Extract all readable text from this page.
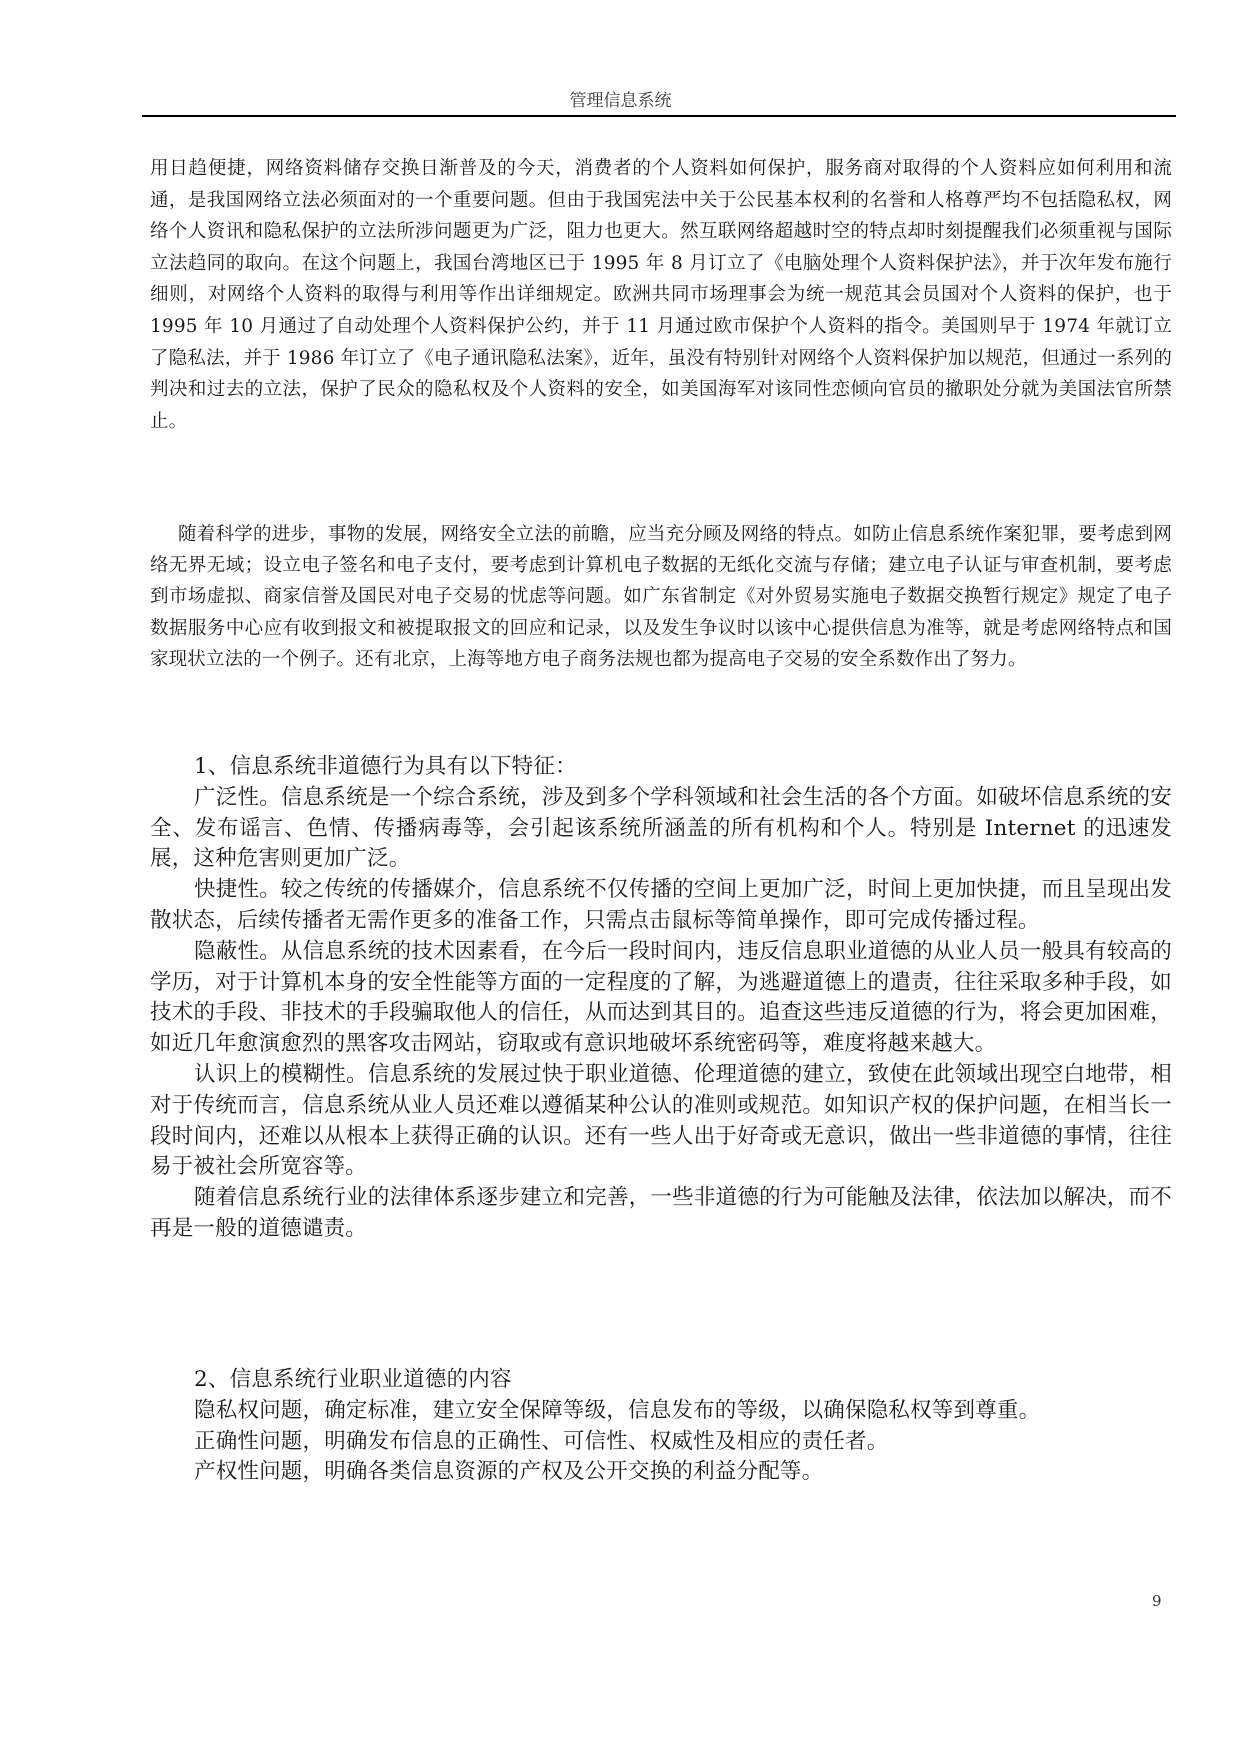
管理信息系统

用日趋便捷，网络资料储存交换日渐普及的今天，消费者的个人资料如何保护，服务商对取得的个人资料应如何利用和流通，是我国网络立法必须面对的一个重要问题。但由于我国宪法中关于公民基本权利的名誉和人格尊严均不包括隐私权，网络个人资讯和隐私保护的立法所涉问题更为广泛，阻力也更大。然互联网络超越时空的特点却时刻提醒我们必须重视与国际立法趋同的取向。在这个问题上，我国台湾地区已于 1995 年 8 月订立了《电脑处理个人资料保护法》，并于次年发布施行细则，对网络个人资料的取得与利用等作出详细规定。欧洲共同市场理事会为统一规范其会员国对个人资料的保护，也于 1995 年 10 月通过了自动处理个人资料保护公约，并于 11 月通过欧市保护个人资料的指令。美国则早于 1974 年就订立了隐私法，并于 1986 年订立了《电子通讯隐私法案》，近年，虽没有特别针对网络个人资料保护加以规范，但通过一系列的判决和过去的立法，保护了民众的隐私权及个人资料的安全，如美国海军对该同性恋倾向官员的撤职处分就为美国法官所禁止。

随着科学的进步，事物的发展，网络安全立法的前瞻，应当充分顾及网络的特点。如防止信息系统作案犯罪，要考虑到网络无界无域；设立电子签名和电子支付，要考虑到计算机电子数据的无纸化交流与存储；建立电子认证与审查机制，要考虑到市场虚拟、商家信誉及国民对电子交易的忧虑等问题。如广东省制定《对外贸易实施电子数据交换暂行规定》规定了电子数据服务中心应有收到报文和被提取报文的回应和记录，以及发生争议时以该中心提供信息为准等，就是考虑网络特点和国家现状立法的一个例子。还有北京，上海等地方电子商务法规也都为提高电子交易的安全系数作出了努力。

1、信息系统非道德行为具有以下特征：
广泛性。信息系统是一个综合系统，涉及到多个学科领域和社会生活的各个方面。如破坏信息系统的安全、发布谣言、色情、传播病毒等，会引起该系统所涵盖的所有机构和个人。特别是 Internet 的迅速发展，这种危害则更加广泛。
快捷性。较之传统的传播媒介，信息系统不仅传播的空间上更加广泛，时间上更加快捷，而且呈现出发散状态，后续传播者无需作更多的准备工作，只需点击鼠标等简单操作，即可完成传播过程。
隐蔽性。从信息系统的技术因素看，在今后一段时间内，违反信息职业道德的从业人员一般具有较高的学历，对于计算机本身的安全性能等方面的一定程度的了解，为逃避道德上的遣责，往往采取多种手段，如技术的手段、非技术的手段骗取他人的信任，从而达到其目的。追查这些违反道德的行为，将会更加困难，如近几年愈演愈烈的黑客攻击网站，窃取或有意识地破坏系统密码等，难度将越来越大。
认识上的模糊性。信息系统的发展过快于职业道德、伦理道德的建立，致使在此领域出现空白地带，相对于传统而言，信息系统从业人员还难以遵循某种公认的准则或规范。如知识产权的保护问题，在相当长一段时间内，还难以从根本上获得正确的认识。还有一些人出于好奇或无意识，做出一些非道德的事情，往往易于被社会所宽容等。
随着信息系统行业的法律体系逐步建立和完善，一些非道德的行为可能触及法律，依法加以解决，而不再是一般的道德谴责。
2、信息系统行业职业道德的内容
隐私权问题，确定标准，建立安全保障等级，信息发布的等级，以确保隐私权等到尊重。
正确性问题，明确发布信息的正确性、可信性、权威性及相应的责任者。
产权性问题，明确各类信息资源的产权及公开交换的利益分配等。
9
